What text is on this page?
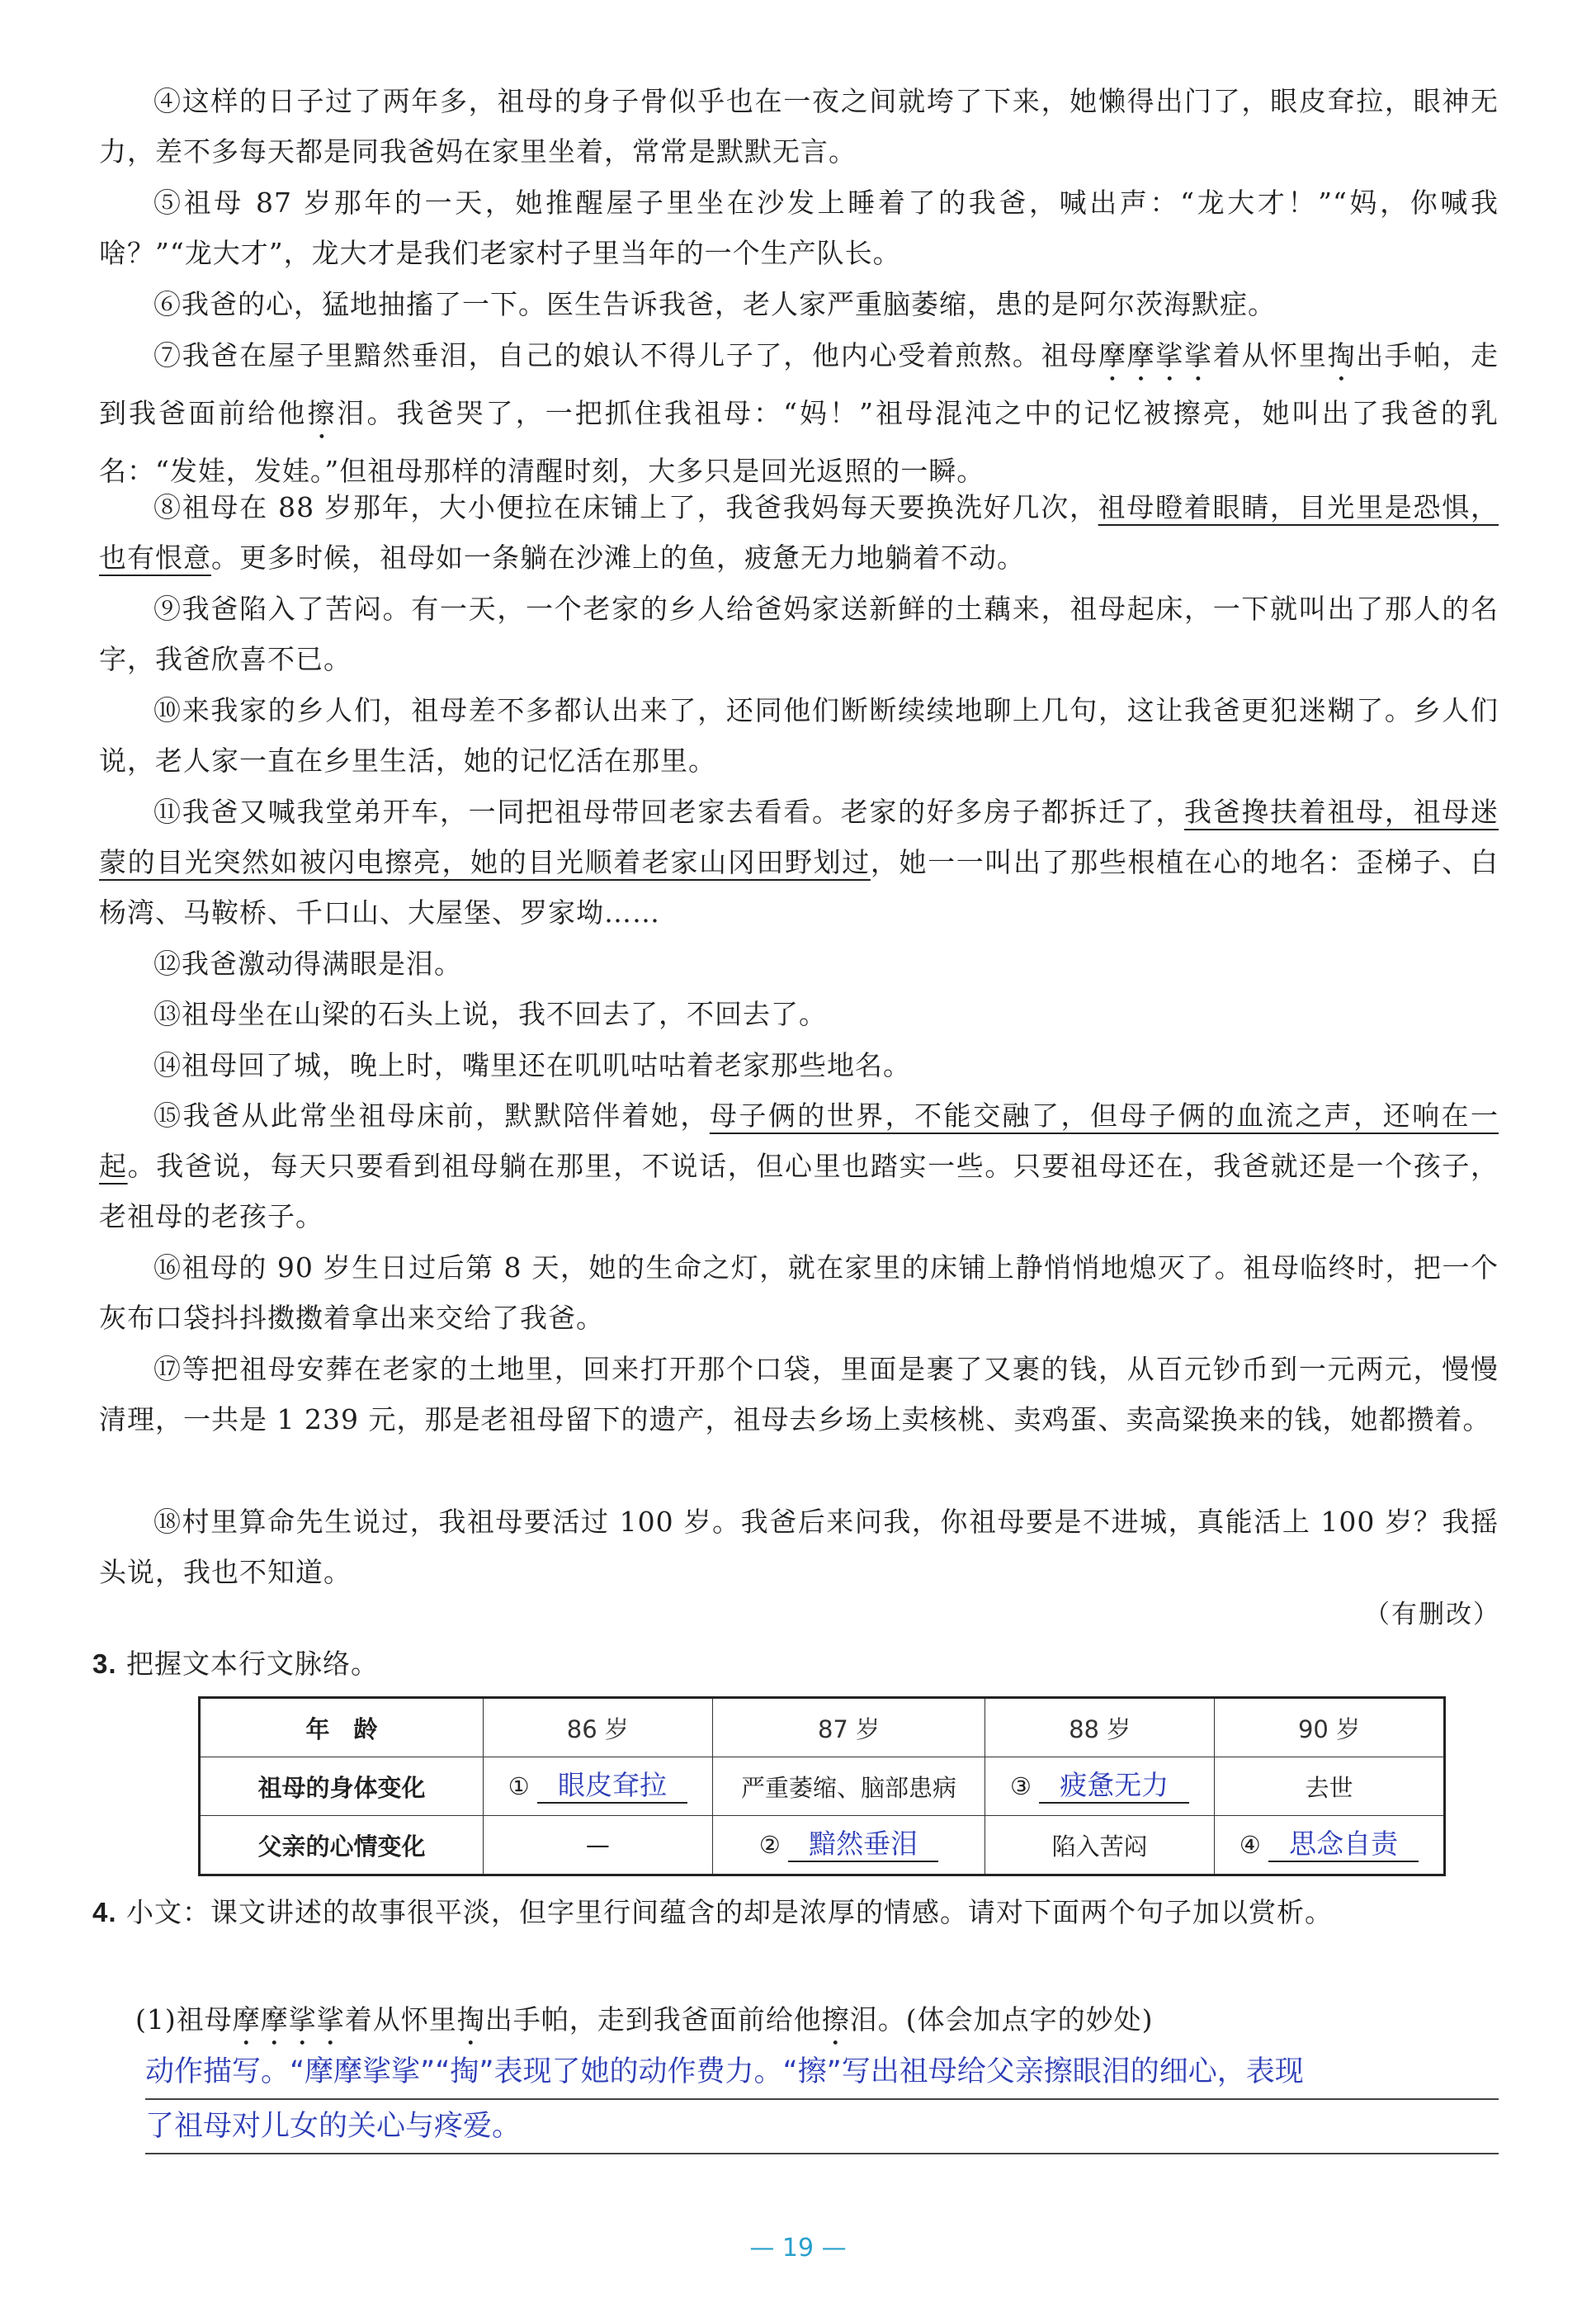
④这样的日子过了两年多，祖母的身子骨似乎也在一夜之间就垮了下来，她懒得出门了，眼皮耷拉，眼神无力，差不多每天都是同我爸妈在家里坐着，常常是默默无言。
⑤祖母 87 岁那年的一天，她推醒屋子里坐在沙发上睡着了的我爸，喊出声：“龙大才！”“妈，你喊我啥？”“龙大才”，龙大才是我们老家村子里当年的一个生产队长。
⑥我爸的心，猛地抽搐了一下。医生告诉我爸，老人家严重脑萎缩，患的是阿尔茨海默症。
⑦我爸在屋子里黯然垂泪，自己的娘认不得儿子了，他内心受着煎熬。祖母摩摩挲挲着从怀里掏出手帕，走到我爸面前给他擦泪。我爸哭了，一把抓住我祖母：“妈！”祖母混沌之中的记忆被擦亮，她叫出了我爸的乳名：“发娃，发娃。”但祖母那样的清醒时刻，大多只是回光返照的一瞬。
⑧祖母在 88 岁那年，大小便拉在床铺上了，我爸我妈每天要换洗好几次，祖母瞪着眼睛，目光里是恐惧，也有恨意。更多时候，祖母如一条躺在沙滩上的鱼，疲惫无力地躺着不动。
⑨我爸陷入了苦闷。有一天，一个老家的乡人给爸妈家送新鲜的土藕来，祖母起床，一下就叫出了那人的名字，我爸欣喜不已。
⑩来我家的乡人们，祖母差不多都认出来了，还同他们断断续续地聊上几句，这让我爸更犯迷糊了。乡人们说，老人家一直在乡里生活，她的记忆活在那里。
⑪我爸又喊我堂弟开车，一同把祖母带回老家去看看。老家的好多房子都拆迁了，我爸搀扶着祖母，祖母迷蒙的目光突然如被闪电擦亮，她的目光顺着老家山冈田野划过，她一一叫出了那些根植在心的地名：歪梯子、白杨湾、马鞍桥、千口山、大屋堡、罗家坳……
⑫我爸激动得满眼是泪。
⑬祖母坐在山梁的石头上说，我不回去了，不回去了。
⑭祖母回了城，晚上时，嘴里还在叽叽咕咕着老家那些地名。
⑮我爸从此常坐祖母床前，默默陪伴着她，母子俩的世界，不能交融了，但母子俩的血流之声，还响在一起。我爸说，每天只要看到祖母躺在那里，不说话，但心里也踏实一些。只要祖母还在，我爸就还是一个孩子，老祖母的老孩子。
⑯祖母的 90 岁生日过后第 8 天，她的生命之灯，就在家里的床铺上静悄悄地熄灭了。祖母临终时，把一个灰布口袋抖抖擞擞着拿出来交给了我爸。
⑰等把祖母安葬在老家的土地里，回来打开那个口袋，里面是裹了又裹的钱，从百元钞币到一元两元，慢慢清理，一共是 1 239 元，那是老祖母留下的遗产，祖母去乡场上卖核桃、卖鸡蛋、卖高粱换来的钱，她都攒着。
⑱村里算命先生说过，我祖母要活过 100 岁。我爸后来问我，你祖母要是不进城，真能活上 100 岁？我摇头说，我也不知道。
（有删改）
3. 把握文本行文脉络。
年　龄	86 岁	87 岁	88 岁	90 岁
祖母的身体变化	① 眼皮耷拉	严重萎缩、脑部患病	③ 疲惫无力	去世
父亲的心情变化	—	② 黯然垂泪	陷入苦闷	④ 思念自责
4. 小文：课文讲述的故事很平淡，但字里行间蕴含的却是浓厚的情感。请对下面两个句子加以赏析。
(1)祖母摩摩挲挲着从怀里掏出手帕，走到我爸面前给他擦泪。(体会加点字的妙处)
动作描写。“摩摩挲挲”“掏”表现了她的动作费力。“擦”写出祖母给父亲擦眼泪的细心，表现
了祖母对儿女的关心与疼爱。
— 19 —
